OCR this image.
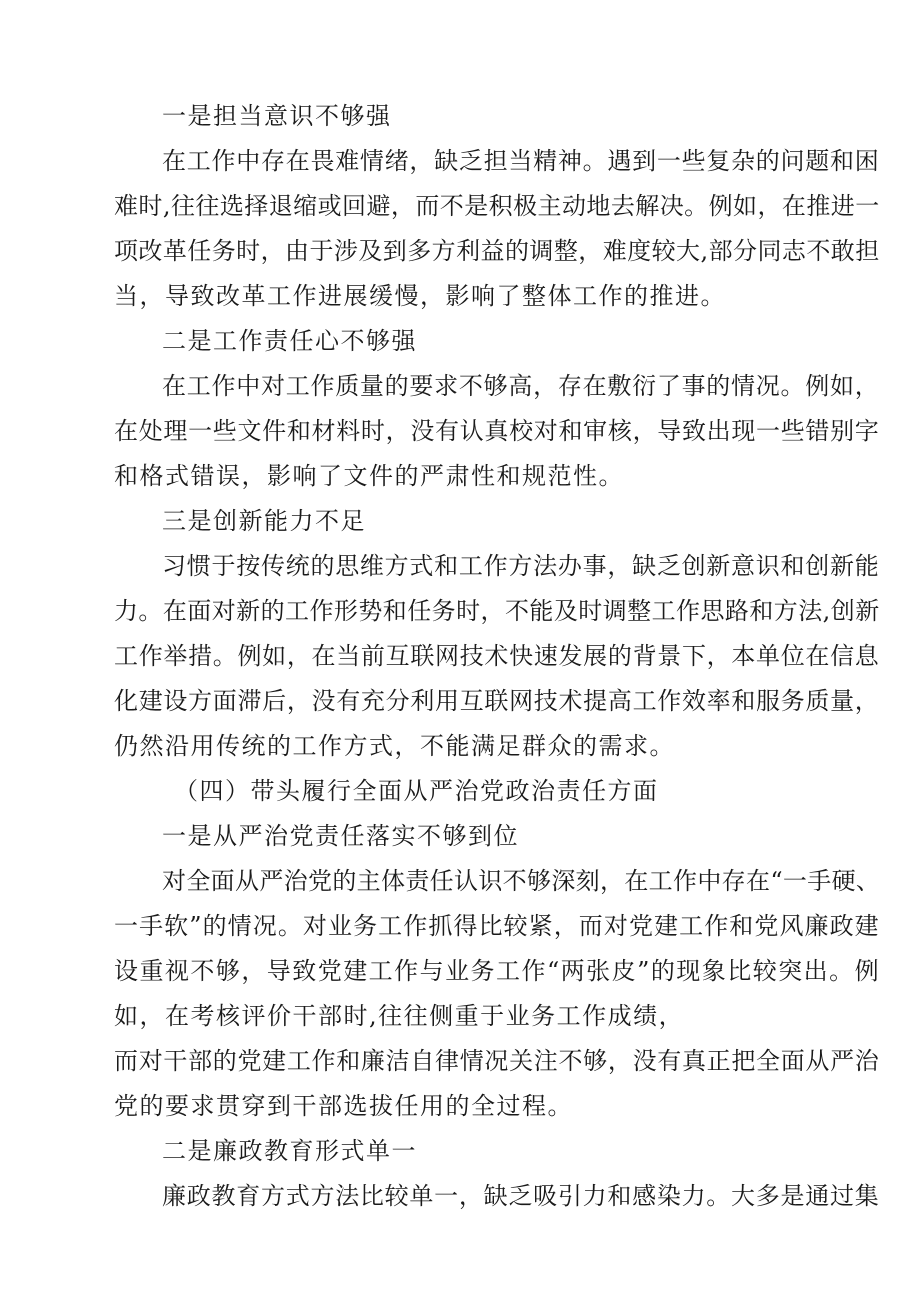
一是担当意识不够强
在工作中存在畏难情绪，缺乏担当精神。遇到一些复杂的问题和困
难时,往往选择退缩或回避，而不是积极主动地去解决。例如，在推进一
项改革任务时，由于涉及到多方利益的调整，难度较大,部分同志不敢担
当，导致改革工作进展缓慢，影响了整体工作的推进。
二是工作责任心不够强
在工作中对工作质量的要求不够高，存在敷衍了事的情况。例如，
在处理一些文件和材料时，没有认真校对和审核，导致出现一些错别字
和格式错误，影响了文件的严肃性和规范性。
三是创新能力不足
习惯于按传统的思维方式和工作方法办事，缺乏创新意识和创新能
力。在面对新的工作形势和任务时，不能及时调整工作思路和方法,创新
工作举措。例如，在当前互联网技术快速发展的背景下，本单位在信息
化建设方面滞后，没有充分利用互联网技术提高工作效率和服务质量，
仍然沿用传统的工作方式，不能满足群众的需求。
（四）带头履行全面从严治党政治责任方面
一是从严治党责任落实不够到位
对全面从严治党的主体责任认识不够深刻，在工作中存在“一手硬、
一手软”的情况。对业务工作抓得比较紧，而对党建工作和党风廉政建
设重视不够，导致党建工作与业务工作“两张皮”的现象比较突出。例
如，在考核评价干部时,往往侧重于业务工作成绩，
而对干部的党建工作和廉洁自律情况关注不够，没有真正把全面从严治
党的要求贯穿到干部选拔任用的全过程。
二是廉政教育形式单一
廉政教育方式方法比较单一，缺乏吸引力和感染力。大多是通过集
